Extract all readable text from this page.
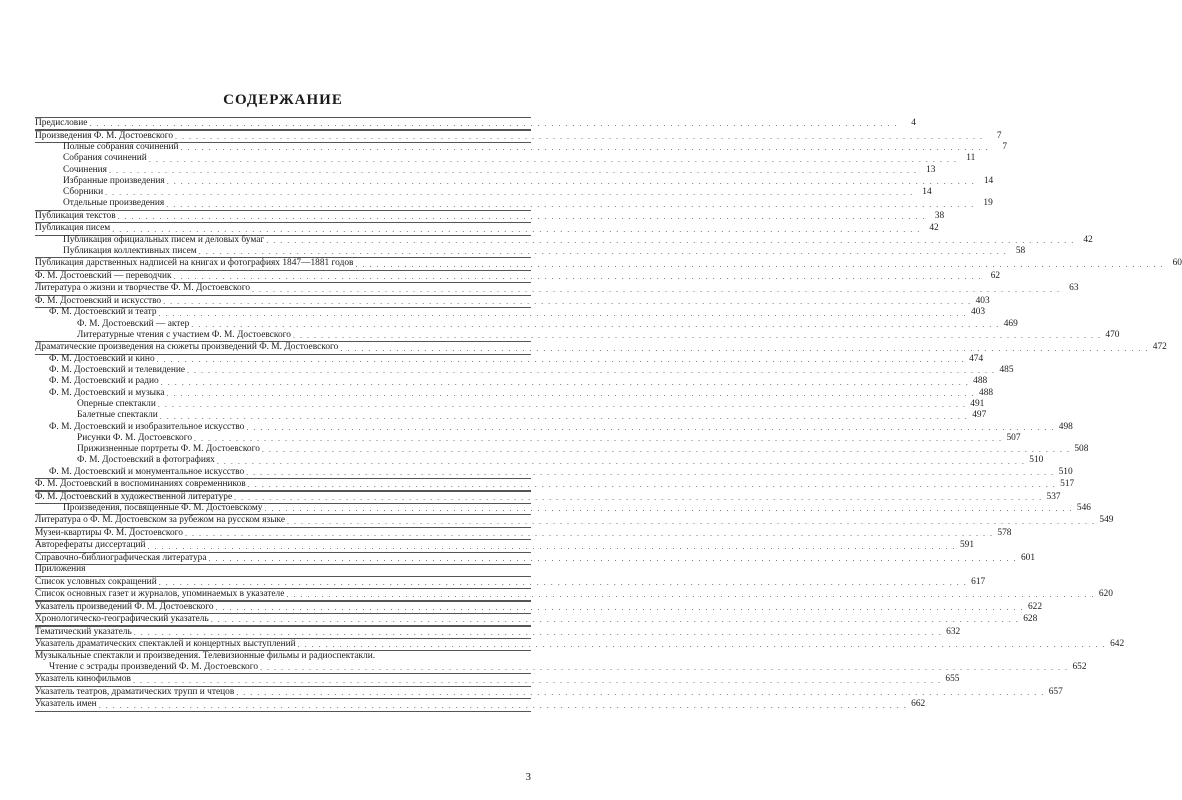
СОДЕРЖАНИЕ
Предисловие . . .	4
Произведения Ф. М. Достоевского . . .	7
Полные собрания сочинений . . .	7
Собрания сочинений . . .	11
Сочинения . . .	13
Избранные произведения . . .	14
Сборники . . .	14
Отдельные произведения . . .	19
Публикация текстов . . .	38
Публикация писем . . .	42
Публикация официальных писем и деловых бумаг . . .	42
Публикация коллективных писем . . .	58
Публикация дарственных надписей на книгах и фотографиях 1847—1881 годов . . .	60
Ф. М. Достоевский — переводчик . . .	62
Литература о жизни и творчестве Ф. М. Достоевского . . .	63
Ф. М. Достоевский и искусство . . .	403
Ф. М. Достоевский и театр . . .	403
Ф. М. Достоевский — актер . . .	469
Литературные чтения с участием Ф. М. Достоевского . . .	470
Драматические произведения на сюжеты произведений Ф. М. Достоевского . . .	472
Ф. М. Достоевский и кино . . .	474
Ф. М. Достоевский и телевидение . . .	485
Ф. М. Достоевский и радио . . .	488
Ф. М. Достоевский и музыка . . .	488
Оперные спектакли . . .	491
Балетные спектакли . . .	497
Ф. М. Достоевский и изобразительное искусство . . .	498
Рисунки Ф. М. Достоевского . . .	507
Прижизненные портреты Ф. М. Достоевского . . .	508
Ф. М. Достоевский в фотографиях . . .	510
Ф. М. Достоевский и монументальное искусство . . .	510
Ф. М. Достоевский в воспоминаниях современников . . .	517
Ф. М. Достоевский в художественной литературе . . .	537
Произведения, посвященные Ф. М. Достоевскому . . .	546
Литература о Ф. М. Достоевском за рубежом на русском языке . . .	549
Музеи-квартиры Ф. М. Достоевского . . .	578
Авторефераты диссертаций . . .	591
Справочно-библиографическая литература . . .	601
Приложения
Список условных сокращений . . .	617
Список основных газет и журналов, упоминаемых в указателе . . .	620
Указатель произведений Ф. М. Достоевского . . .	622
Хронологическо-географический указатель . . .	628
Тематический указатель . . .	632
Указатель драматических спектаклей и концертных выступлений . . .	642
Музыкальные спектакли и произведения. Телевизионные фильмы и радиоспектакли.
Чтение с эстрады произведений Ф. М. Достоевского . . .	652
Указатель кинофильмов . . .	655
Указатель театров, драматических трупп и чтецов . . .	657
Указатель имен . . .	662
3
